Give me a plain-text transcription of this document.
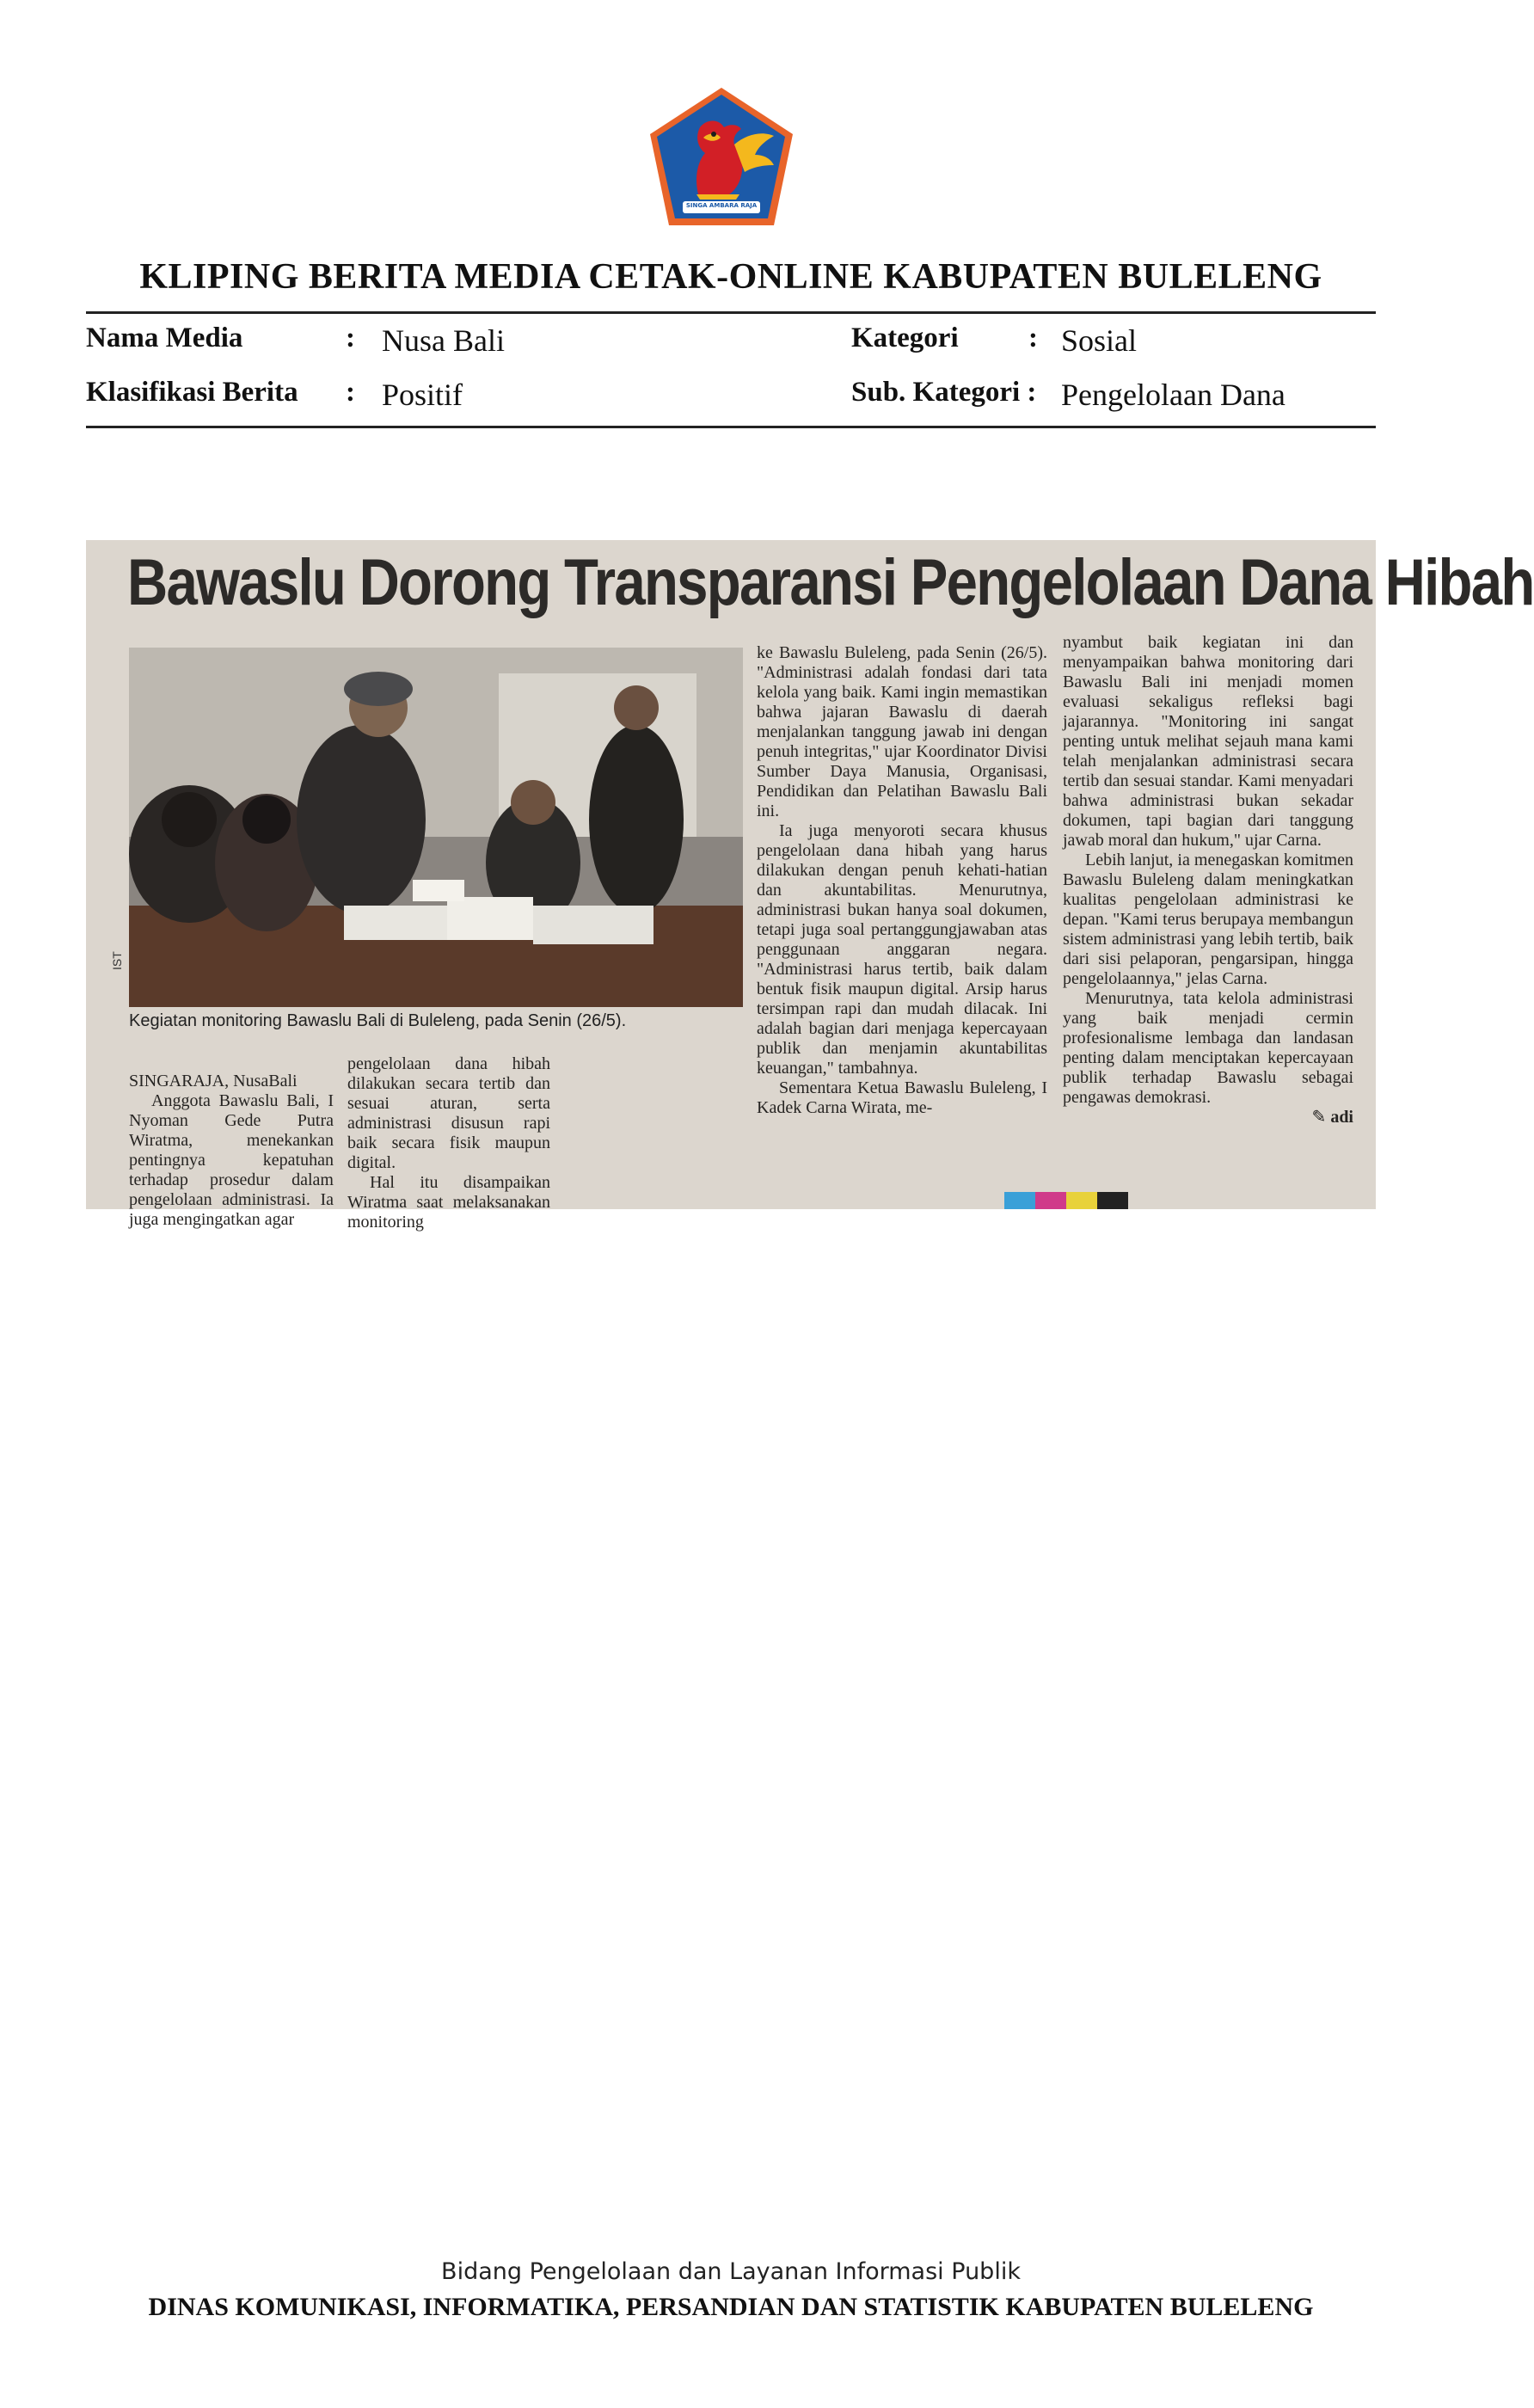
SINGA AMBARA RAJA
KLIPING BERITA MEDIA CETAK-ONLINE KABUPATEN BULELENG
Nama Media	: Nusa Bali
Klasifikasi Berita : Positif
Kategori : Sosial
Sub. Kategori : Pengelolaan Dana
Bawaslu Dorong Transparansi Pengelolaan Dana Hibah
IST
Kegiatan monitoring Bawaslu Bali di Buleleng, pada Senin (26/5).

SINGARAJA, NusaBali

Anggota Bawaslu Bali, I Nyoman Gede Putra Wiratma, menekankan pentingnya kepatuhan terhadap prosedur dalam pengelolaan administrasi. Ia juga mengingatkan agar

pengelolaan dana hibah dilakukan secara tertib dan sesuai aturan, serta administrasi disusun rapi baik secara fisik maupun digital.

Hal itu disampaikan Wiratma saat melaksanakan monitoring

ke Bawaslu Buleleng, pada Senin (26/5). "Administrasi adalah fondasi dari tata kelola yang baik. Kami ingin memastikan bahwa jajaran Bawaslu di daerah menjalankan tanggung jawab ini dengan penuh integritas," ujar Koordinator Divisi Sumber Daya Manusia, Organisasi, Pendidikan dan Pelatihan Bawaslu Bali ini.

Ia juga menyoroti secara khusus pengelolaan dana hibah yang harus dilakukan dengan penuh kehati-hatian dan akuntabilitas. Menurutnya, administrasi bukan hanya soal dokumen, tetapi juga soal pertanggungjawaban atas penggunaan anggaran negara. "Administrasi harus tertib, baik dalam bentuk fisik maupun digital. Arsip harus tersimpan rapi dan mudah dilacak. Ini adalah bagian dari menjaga kepercayaan publik dan menjamin akuntabilitas keuangan," tambahnya.

Sementara Ketua Bawaslu Buleleng, I Kadek Carna Wirata, me-

nyambut baik kegiatan ini dan menyampaikan bahwa monitoring dari Bawaslu Bali ini menjadi momen evaluasi sekaligus refleksi bagi jajarannya. "Monitoring ini sangat penting untuk melihat sejauh mana kami telah menjalankan administrasi secara tertib dan sesuai standar. Kami menyadari bahwa administrasi bukan sekadar dokumen, tapi bagian dari tanggung jawab moral dan hukum," ujar Carna.

Lebih lanjut, ia menegaskan komitmen Bawaslu Buleleng dalam meningkatkan kualitas pengelolaan administrasi ke depan. "Kami terus berupaya membangun sistem administrasi yang lebih tertib, baik dari sisi pelaporan, pengarsipan, hingga pengelolaannya," jelas Carna.

Menurutnya, tata kelola administrasi yang baik menjadi cermin profesionalisme lembaga dan landasan penting dalam menciptakan kepercayaan publik terhadap Bawaslu sebagai pengawas demokrasi.

✎ adi

Bidang Pengelolaan dan Layanan Informasi Publik
DINAS KOMUNIKASI, INFORMATIKA, PERSANDIAN DAN STATISTIK KABUPATEN BULELENG
